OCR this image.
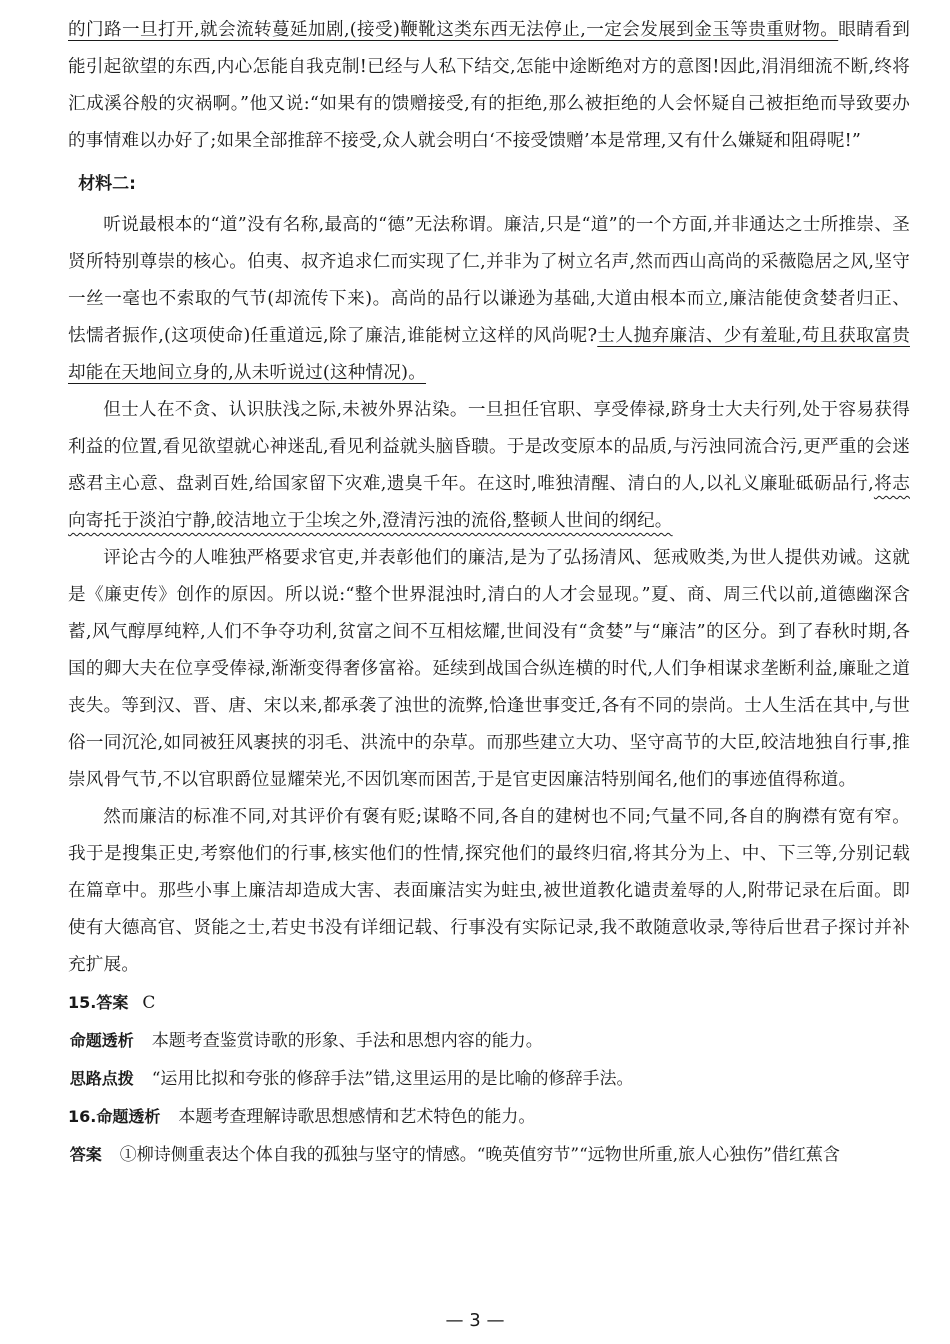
的门路一旦打开,就会流转蔓延加剧,(接受)鞭靴这类东西无法停止,一定会发展到金玉等贵重财物。眼睛看到能引起欲望的东西,内心怎能自我克制!已经与人私下结交,怎能中途断绝对方的意图!因此,涓涓细流不断,终将汇成溪谷般的灾祸啊。”他又说:“如果有的馈赠接受,有的拒绝,那么被拒绝的人会怀疑自己被拒绝而导致要办的事情难以办好了;如果全部推辞不接受,众人就会明白‘不接受馈赠’本是常理,又有什么嫌疑和阻碍呢!”

材料二:

听说最根本的“道”没有名称,最高的“德”无法称谓。廉洁,只是“道”的一个方面,并非通达之士所推崇、圣贤所特别尊崇的核心。伯夷、叔齐追求仁而实现了仁,并非为了树立名声,然而西山高尚的采薇隐居之风,坚守一丝一毫也不索取的气节(却流传下来)。高尚的品行以谦逊为基础,大道由根本而立,廉洁能使贪婪者归正、怯懦者振作,(这项使命)任重道远,除了廉洁,谁能树立这样的风尚呢?士人抛弃廉洁、少有羞耻,苟且获取富贵却能在天地间立身的,从未听说过(这种情况)。

但士人在不贪、认识肤浅之际,未被外界沾染。一旦担任官职、享受俸禄,跻身士大夫行列,处于容易获得利益的位置,看见欲望就心神迷乱,看见利益就头脑昏聩。于是改变原本的品质,与污浊同流合污,更严重的会迷惑君主心意、盘剥百姓,给国家留下灾难,遗臭千年。在这时,唯独清醒、清白的人,以礼义廉耻砥砺品行,将志向寄托于淡泊宁静,皎洁地立于尘埃之外,澄清污浊的流俗,整顿人世间的纲纪。

评论古今的人唯独严格要求官吏,并表彰他们的廉洁,是为了弘扬清风、惩戒败类,为世人提供劝诫。这就是《廉吏传》创作的原因。所以说:“整个世界混浊时,清白的人才会显现。”夏、商、周三代以前,道德幽深含蓄,风气醇厚纯粹,人们不争夺功利,贫富之间不互相炫耀,世间没有“贪婪”与“廉洁”的区分。到了春秋时期,各国的卿大夫在位享受俸禄,渐渐变得奢侈富裕。延续到战国合纵连横的时代,人们争相谋求垄断利益,廉耻之道丧失。等到汉、晋、唐、宋以来,都承袭了浊世的流弊,恰逢世事变迁,各有不同的崇尚。士人生活在其中,与世俗一同沉沦,如同被狂风裹挟的羽毛、洪流中的杂草。而那些建立大功、坚守高节的大臣,皎洁地独自行事,推崇风骨气节,不以官职爵位显耀荣光,不因饥寒而困苦,于是官吏因廉洁特别闻名,他们的事迹值得称道。

然而廉洁的标准不同,对其评价有褒有贬;谋略不同,各自的建树也不同;气量不同,各自的胸襟有宽有窄。我于是搜集正史,考察他们的行事,核实他们的性情,探究他们的最终归宿,将其分为上、中、下三等,分别记载在篇章中。那些小事上廉洁却造成大害、表面廉洁实为蛀虫,被世道教化谴责羞辱的人,附带记录在后面。即使有大德高官、贤能之士,若史书没有详细记载、行事没有实际记录,我不敢随意收录,等待后世君子探讨并补充扩展。

15.答案 C

命题透析 本题考查鉴赏诗歌的形象、手法和思想内容的能力。

思路点拨 “运用比拟和夸张的修辞手法”错,这里运用的是比喻的修辞手法。

16.命题透析 本题考查理解诗歌思想感情和艺术特色的能力。

答案 ①柳诗侧重表达个体自我的孤独与坚守的情感。“晚英值穷节”“远物世所重,旅人心独伤”借红蕉含

— 3 —
